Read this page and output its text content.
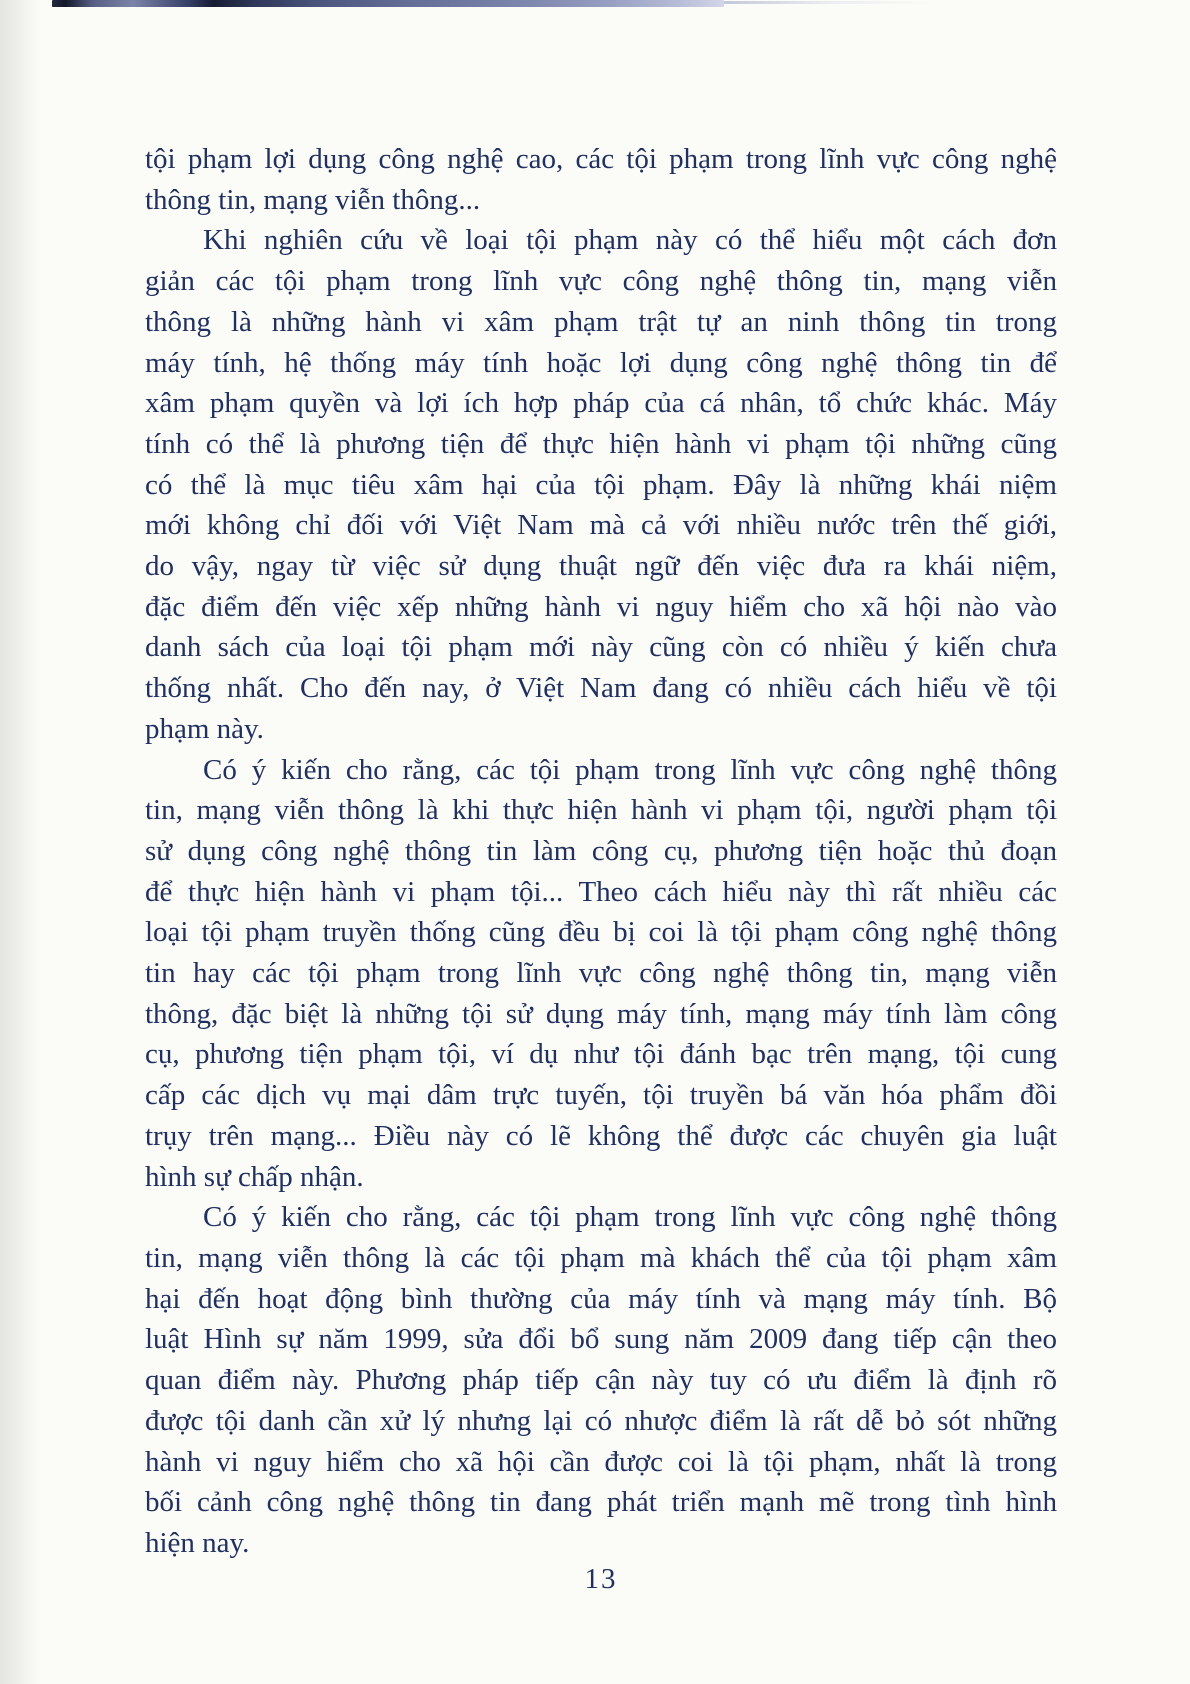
tội phạm lợi dụng công nghệ cao, các tội phạm trong lĩnh vực công nghệ
thông tin, mạng viễn thông...
Khi nghiên cứu về loại tội phạm này có thể hiểu một cách đơn
giản các tội phạm trong lĩnh vực công nghệ thông tin, mạng viễn
thông là những hành vi xâm phạm trật tự an ninh thông tin trong
máy tính, hệ thống máy tính hoặc lợi dụng công nghệ thông tin để
xâm phạm quyền và lợi ích hợp pháp của cá nhân, tổ chức khác. Máy
tính có thể là phương tiện để thực hiện hành vi phạm tội những cũng
có thể là mục tiêu xâm hại của tội phạm. Đây là những khái niệm
mới không chỉ đối với Việt Nam mà cả với nhiều nước trên thế giới,
do vậy, ngay từ việc sử dụng thuật ngữ đến việc đưa ra khái niệm,
đặc điểm đến việc xếp những hành vi nguy hiểm cho xã hội nào vào
danh sách của loại tội phạm mới này cũng còn có nhiều ý kiến chưa
thống nhất. Cho đến nay, ở Việt Nam đang có nhiều cách hiểu về tội
phạm này.
Có ý kiến cho rằng, các tội phạm trong lĩnh vực công nghệ thông
tin, mạng viễn thông là khi thực hiện hành vi phạm tội, người phạm tội
sử dụng công nghệ thông tin làm công cụ, phương tiện hoặc thủ đoạn
để thực hiện hành vi phạm tội... Theo cách hiểu này thì rất nhiều các
loại tội phạm truyền thống cũng đều bị coi là tội phạm công nghệ thông
tin hay các tội phạm trong lĩnh vực công nghệ thông tin, mạng viễn
thông, đặc biệt là những tội sử dụng máy tính, mạng máy tính làm công
cụ, phương tiện phạm tội, ví dụ như tội đánh bạc trên mạng, tội cung
cấp các dịch vụ mại dâm trực tuyến, tội truyền bá văn hóa phẩm đồi
trụy trên mạng... Điều này có lẽ không thể được các chuyên gia luật
hình sự chấp nhận.
Có ý kiến cho rằng, các tội phạm trong lĩnh vực công nghệ thông
tin, mạng viễn thông là các tội phạm mà khách thể của tội phạm xâm
hại đến hoạt động bình thường của máy tính và mạng máy tính. Bộ
luật Hình sự năm 1999, sửa đổi bổ sung năm 2009 đang tiếp cận theo
quan điểm này. Phương pháp tiếp cận này tuy có ưu điểm là định rõ
được tội danh cần xử lý nhưng lại có nhược điểm là rất dễ bỏ sót những
hành vi nguy hiểm cho xã hội cần được coi là tội phạm, nhất là trong
bối cảnh công nghệ thông tin đang phát triển mạnh mẽ trong tình hình
hiện nay.
13
